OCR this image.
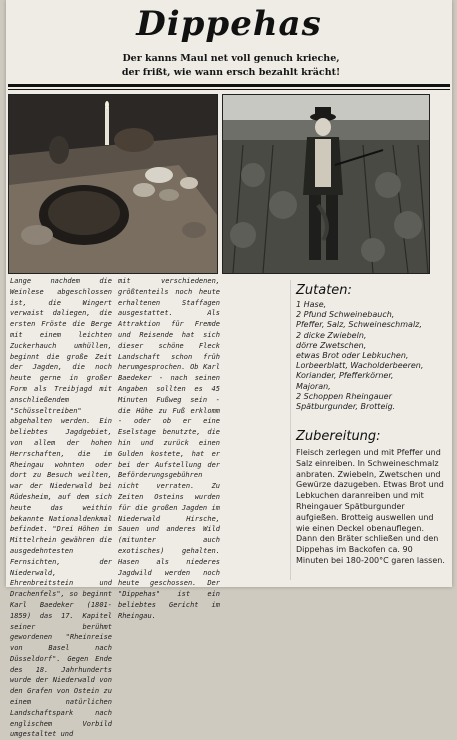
Dippehas
Der kanns Maul net voll genuch krieche,
der frißt, wie wann ersch bezahlt krächt!
Lange nachdem die Weinlese abgeschlossen ist, die Wingert verwaist daliegen, die ersten Fröste die Berge mit einem leichten Zuckerhauch umhüllen, beginnt die große Zeit der Jagden, die noch heute gerne in großer Form als Treibjagd mit anschließendem "Schüsseltreiben" abgehalten werden. Ein beliebtes Jagdgebiet, von allem der hohen Herrschaften, die im Rheingau wohnten oder dort zu Besuch weilten, war der Niederwald bei Rüdesheim, auf dem sich heute das weithin bekannte Nationaldenkmal befindet. "Drei Höhen im Mittelrhein gewähren die ausgedehntesten Fernsichten, der Niederwald, Ehrenbreitstein und Drachenfels", so beginnt Karl Baedeker (1801-1859) das 17. Kapitel seiner berühmt gewordenen "Rheinreise von Basel nach Düsseldorf". Gegen Ende des 18. Jahrhunderts wurde der Niederwald von den Grafen von Ostein zu einem natürlichen Landschaftspark nach englischem Vorbild umgestaltet und
mit verschiedenen, größtenteils noch heute erhaltenen Staffagen ausgestattet. Als Attraktion für Fremde und Reisende hat sich dieser schöne Fleck Landschaft schon früh herumgesprochen. Ob Karl Baedeker - nach seinen Angaben sollten es 45 Minuten Fußweg sein - die Höhe zu Fuß erklomm - oder ob er eine Eselstage benutzte, die hin und zurück einen Gulden kostete, hat er bei der Aufstellung der Beförderungsgebühren nicht verraten. Zu Zeiten Osteins wurden für die großen Jagden im Niederwald Hirsche, Sauen und anderes Wild (mitunter auch exotisches) gehalten. Hasen als niederes Jagdwild werden noch heute geschossen. Der "Dippehas" ist ein beliebtes Gericht im Rheingau.
Zutaten:
1 Hase,
2 Pfund Schweinebauch,
Pfeffer, Salz, Schweineschmalz,
2 dicke Zwiebeln,
dörre Zwetschen,
etwas Brot oder Lebkuchen,
Lorbeerblatt, Wacholderbeeren,
Koriander, Pfefferkörner,
Majoran,
2 Schoppen Rheingauer Spätburgunder, Brotteig.
Zubereitung:
Fleisch zerlegen und mit Pfeffer und Salz einreiben. In Schweineschmalz anbraten. Zwiebeln, Zwetschen und Gewürze dazugeben. Etwas Brot und Lebkuchen daranreiben und mit Rheingauer Spätburgunder aufgießen. Brotteig auswellen und wie einen Deckel obenauflegen. Dann den Bräter schließen und den Dippehas im Backofen ca. 90 Minuten bei 180-200°C garen lassen.
